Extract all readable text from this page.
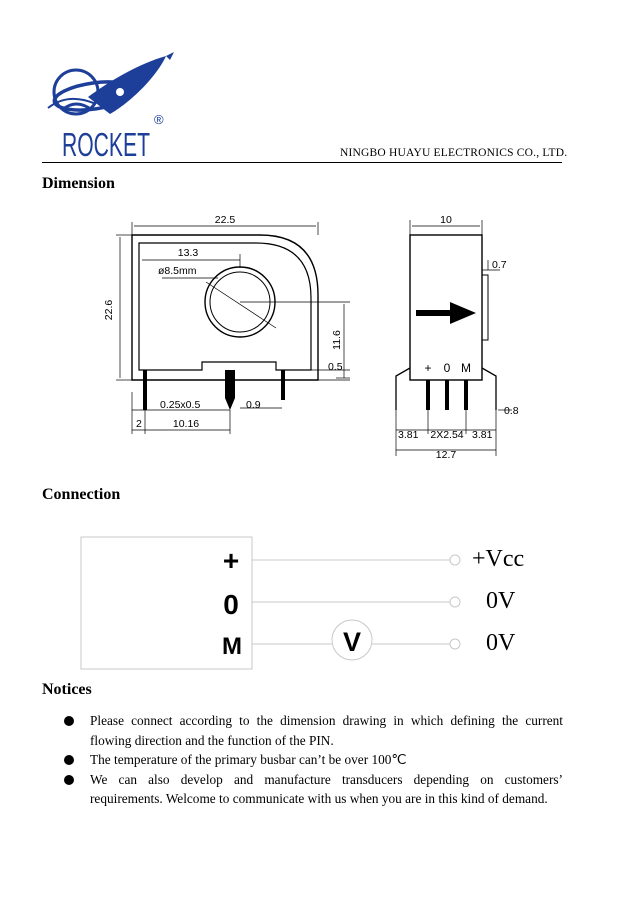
ROCKET
®
NINGBO HUAYU ELECTRONICS CO., LTD.
Dimension
22.5
22.6
13.3
ø8.5mm
11.6
0.5
0.25x0.5	0.9
2	10.16
10
0.7
+ 0 M
0.8
3.81 2X2.54 3.81
12.7
Connection
+
0
M	V
+Vcc
0V
0V
Notices
Please connect according to the dimension drawing in which defining the current flowing direction and the function of the PIN.
The temperature of the primary busbar can’t be over 100℃
We can also develop and manufacture transducers depending on customers’ requirements. Welcome to communicate with us when you are in this kind of demand.
